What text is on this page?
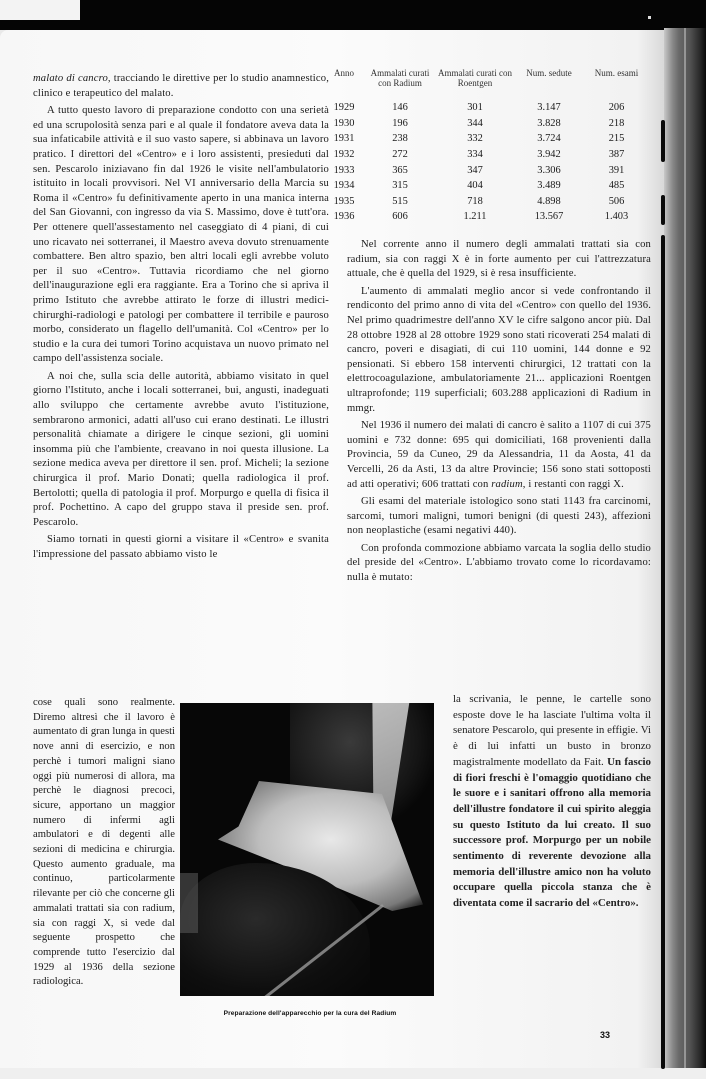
malato di cancro, tracciando le direttive per lo studio anamnestico, clinico e terapeutico del malato.

A tutto questo lavoro di preparazione condotto con una serietà ed una scrupolosità senza pari e al quale il fondatore aveva data la sua infaticabile attività e il suo vasto sapere, si abbinava un lavoro pratico. I direttori del «Centro» e i loro assistenti, presieduti dal sen. Pescarolo iniziavano fin dal 1926 le visite nell'ambulatorio istituito in locali provvisori. Nel VI anniversario della Marcia su Roma il «Centro» fu definitivamente aperto in una manica interna del San Giovanni, con ingresso da via S. Massimo, dove è tutt'ora. Per ottenere quell'assestamento nel caseggiato di 4 piani, di cui uno ricavato nei sotterranei, il Maestro aveva dovuto strenuamente combattere. Ben altro spazio, ben altri locali egli avrebbe voluto per il suo «Centro». Tuttavia ricordiamo che nel giorno dell'inaugurazione egli era raggiante. Era a Torino che si apriva il primo Istituto che avrebbe attirato le forze di illustri medici-chirurghi-radiologi e patologi per combattere il terribile e pauroso morbo, considerato un flagello dell'umanità. Col «Centro» per lo studio e la cura dei tumori Torino acquistava un nuovo primato nel campo dell'assistenza sociale.

A noi che, sulla scia delle autorità, abbiamo visitato in quel giorno l'Istituto, anche i locali sotterranei, bui, angusti, inadeguati allo sviluppo che certamente avrebbe avuto l'istituzione, sembrarono armonici, adatti all'uso cui erano destinati. Le illustri personalità chiamate a dirigere le cinque sezioni, gli uomini insomma più che l'ambiente, creavano in noi questa illusione. La sezione medica aveva per direttore il sen. prof. Micheli; la sezione chirurgica il prof. Mario Donati; quella radiologica il prof. Bertolotti; quella di patologia il prof. Morpurgo e quella di fisica il prof. Pochettino. A capo del gruppo stava il preside sen. prof. Pescarolo.

Siamo tornati in questi giorni a visitare il «Centro» e svanita l'impressione del passato abbiamo visto le

cose quali sono realmente. Diremo altresì che il lavoro è aumentato di gran lunga in questi nove anni di esercizio, e non perchè i tumori maligni siano oggi più numerosi di allora, ma perchè le diagnosi precoci, sicure, apportano un maggior numero di infermi agli ambulatori e di degenti alle sezioni di medicina e chirurgia. Questo aumento graduale, ma continuo, particolarmente rilevante per ciò che concerne gli ammalati trattati sia con radium, sia con raggi X, si vede dal seguente prospetto che comprende tutto l'esercizio dal 1929 al 1936 della sezione radiologica.
Anno	Ammalati curati con Radium	Ammalati curati con Roentgen	Num. sedute	Num. esami
1929	146	301	3.147	206
1930	196	344	3.828	218
1931	238	332	3.724	215
1932	272	334	3.942	387
1933	365	347	3.306	391
1934	315	404	3.489	485
1935	515	718	4.898	506
1936	606	1.211	13.567	1.403

Nel corrente anno il numero degli ammalati trattati sia con radium, sia con raggi X è in forte aumento per cui l'attrezzatura attuale, che è quella del 1929, si è resa insufficiente.

L'aumento di ammalati meglio ancor si vede confrontando il rendiconto del primo anno di vita del «Centro» con quello del 1936. Nel primo quadrimestre dell'anno XV le cifre salgono ancor più. Dal 28 ottobre 1928 al 28 ottobre 1929 sono stati ricoverati 254 malati di cancro, poveri e disagiati, di cui 110 uomini, 144 donne e 92 pensionati. Si ebbero 158 interventi chirurgici, 12 trattati con la elettrocoagulazione, ambulatoriamente 21... applicazioni Roentgen ultraprofonde; 119 superficiali; 603.288 applicazioni di Radium in mmgr.

Nel 1936 il numero dei malati di cancro è salito a 1107 di cui 375 uomini e 732 donne: 695 qui domiciliati, 168 provenienti dalla Provincia, 59 da Cuneo, 29 da Alessandria, 11 da Aosta, 41 da Vercelli, 26 da Asti, 13 da altre Provincie; 156 sono stati sottoposti ad atti operativi; 606 trattati con radium, i restanti con raggi X.

Gli esami del materiale istologico sono stati 1143 fra carcinomi, sarcomi, tumori maligni, tumori benigni (di questi 243), affezioni non neoplastiche (esami negativi 440).

Con profonda commozione abbiamo varcata la soglia dello studio del preside del «Centro». L'abbiamo trovato come lo ricordavamo: nulla è mutato:

la scrivania, le penne, le cartelle sono esposte dove le ha lasciate l'ultima volta il senatore Pescarolo, qui presente in effigie. Vi è di lui infatti un busto in bronzo magistralmente modellato da Fait. Un fascio di fiori freschi è l'omaggio quotidiano che le suore e i sanitari offrono alla memoria dell'illustre fondatore il cui spirito aleggia su questo Istituto da lui creato. Il suo successore prof. Morpurgo per un nobile sentimento di reverente devozione alla memoria dell'illustre amico non ha voluto occupare quella piccola stanza che è diventata come il sacrario del «Centro».
Preparazione dell'apparecchio per la cura del Radium
33
